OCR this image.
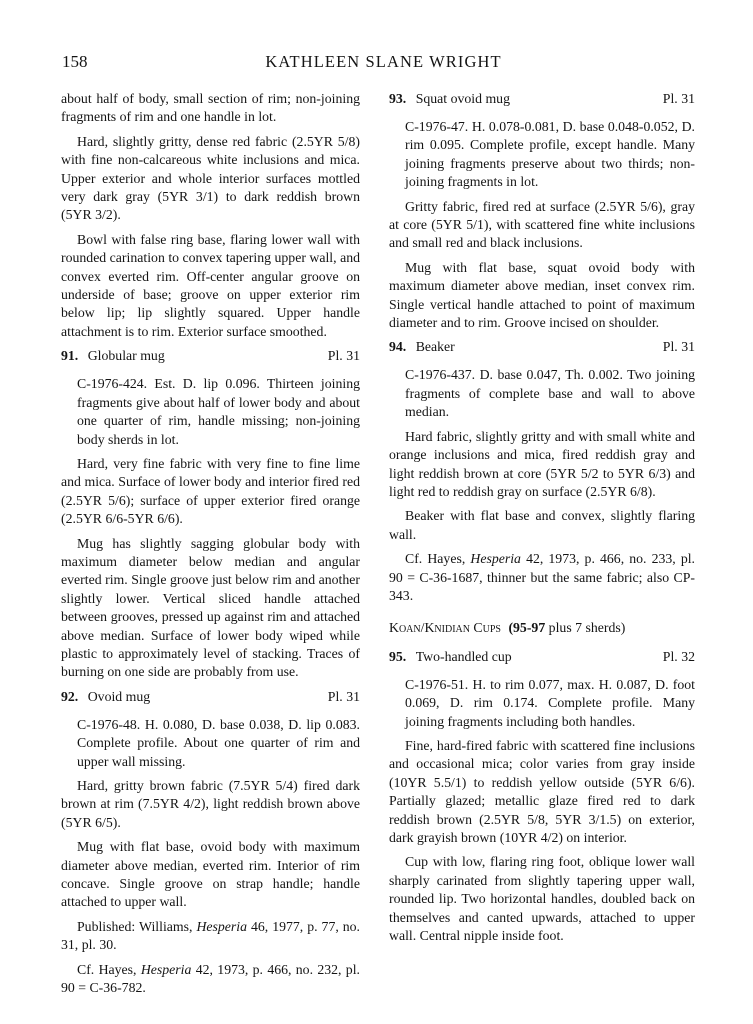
158	KATHLEEN SLANE WRIGHT

about half of body, small section of rim; non-joining fragments of rim and one handle in lot.

Hard, slightly gritty, dense red fabric (2.5YR 5/8) with fine non-calcareous white inclusions and mica. Upper exterior and whole interior surfaces mottled very dark gray (5YR 3/1) to dark reddish brown (5YR 3/2).

Bowl with false ring base, flaring lower wall with rounded carination to convex tapering upper wall, and convex everted rim. Off-center angular groove on underside of base; groove on upper exterior rim below lip; lip slightly squared. Upper handle attachment is to rim. Exterior surface smoothed.

91. Globular mug	Pl. 31

C-1976-424. Est. D. lip 0.096. Thirteen joining fragments give about half of lower body and about one quarter of rim, handle missing; non-joining body sherds in lot.

Hard, very fine fabric with very fine to fine lime and mica. Surface of lower body and interior fired red (2.5YR 5/6); surface of upper exterior fired orange (2.5YR 6/6-5YR 6/6).

Mug has slightly sagging globular body with maximum diameter below median and angular everted rim. Single groove just below rim and another slightly lower. Vertical sliced handle attached between grooves, pressed up against rim and attached above median. Surface of lower body wiped while plastic to approximately level of stacking. Traces of burning on one side are probably from use.

92. Ovoid mug	Pl. 31

C-1976-48. H. 0.080, D. base 0.038, D. lip 0.083. Complete profile. About one quarter of rim and upper wall missing.

Hard, gritty brown fabric (7.5YR 5/4) fired dark brown at rim (7.5YR 4/2), light reddish brown above (5YR 6/5).

Mug with flat base, ovoid body with maximum diameter above median, everted rim. Interior of rim concave. Single groove on strap handle; handle attached to upper wall.

Published: Williams, Hesperia 46, 1977, p. 77, no. 31, pl. 30.

Cf. Hayes, Hesperia 42, 1973, p. 466, no. 232, pl. 90 = C-36-782.

93. Squat ovoid mug	Pl. 31

C-1976-47. H. 0.078-0.081, D. base 0.048-0.052, D. rim 0.095. Complete profile, except handle. Many joining fragments preserve about two thirds; non-joining fragments in lot.

Gritty fabric, fired red at surface (2.5YR 5/6), gray at core (5YR 5/1), with scattered fine white inclusions and small red and black inclusions.

Mug with flat base, squat ovoid body with maximum diameter above median, inset convex rim. Single vertical handle attached to point of maximum diameter and to rim. Groove incised on shoulder.

94. Beaker	Pl. 31

C-1976-437. D. base 0.047, Th. 0.002. Two joining fragments of complete base and wall to above median.

Hard fabric, slightly gritty and with small white and orange inclusions and mica, fired reddish gray and light reddish brown at core (5YR 5/2 to 5YR 6/3) and light red to reddish gray on surface (2.5YR 6/8).

Beaker with flat base and convex, slightly flaring wall.

Cf. Hayes, Hesperia 42, 1973, p. 466, no. 233, pl. 90 = C-36-1687, thinner but the same fabric; also CP-343.

Koan/Knidian Cups (95-97 plus 7 sherds)
95. Two-handled cup	Pl. 32

C-1976-51. H. to rim 0.077, max. H. 0.087, D. foot 0.069, D. rim 0.174. Complete profile. Many joining fragments including both handles.

Fine, hard-fired fabric with scattered fine inclusions and occasional mica; color varies from gray inside (10YR 5.5/1) to reddish yellow outside (5YR 6/6). Partially glazed; metallic glaze fired red to dark reddish brown (2.5YR 5/8, 5YR 3/1.5) on exterior, dark grayish brown (10YR 4/2) on interior.

Cup with low, flaring ring foot, oblique lower wall sharply carinated from slightly tapering upper wall, rounded lip. Two horizontal handles, doubled back on themselves and canted upwards, attached to upper wall. Central nipple inside foot.
